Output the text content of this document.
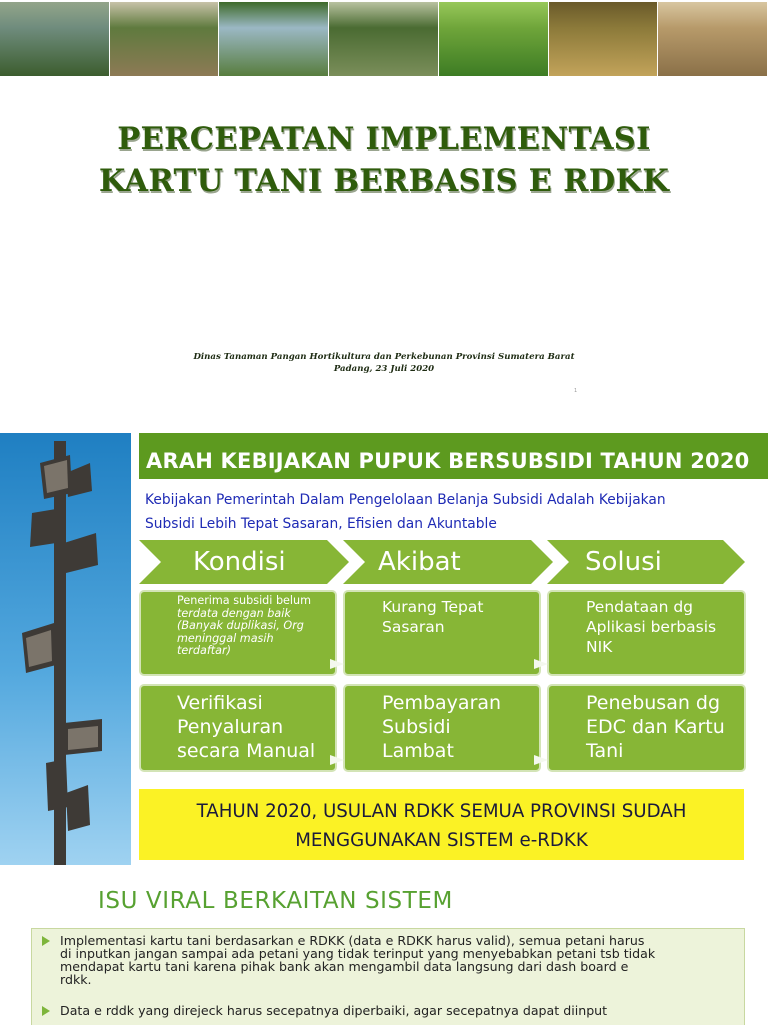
PERCEPATAN IMPLEMENTASI
KARTU TANI BERBASIS E RDKK
Dinas Tanaman Pangan Hortikultura dan Perkebunan Provinsi Sumatera Barat
Padang, 23 Juli 2020
1
ARAH KEBIJAKAN PUPUK BERSUBSIDI TAHUN 2020
Kebijakan Pemerintah Dalam Pengelolaan Belanja Subsidi Adalah Kebijakan
Subsidi Lebih Tepat Sasaran, Efisien dan Akuntable
Kondisi	Akibat	Solusi
Penerima subsidi belum
terdata dengan baik
(Banyak duplikasi, Org
meninggal masih
terdaftar)
Kurang Tepat
Sasaran
Pendataan dg
Aplikasi berbasis
NIK
Verifikasi
Penyaluran
secara Manual
Pembayaran
Subsidi
Lambat
Penebusan dg
EDC dan Kartu
Tani
TAHUN 2020, USULAN RDKK SEMUA PROVINSI SUDAH
MENGGUNAKAN SISTEM e-RDKK
ISU VIRAL BERKAITAN SISTEM
Implementasi kartu tani berdasarkan e RDKK (data e RDKK harus valid), semua petani harus
di inputkan jangan sampai ada petani yang tidak terinput yang menyebabkan petani tsb tidak
mendapat kartu tani karena pihak bank akan mengambil data langsung dari dash board e
rdkk.
Data e rddk yang direjeck harus secepatnya diperbaiki, agar secepatnya dapat diinput
